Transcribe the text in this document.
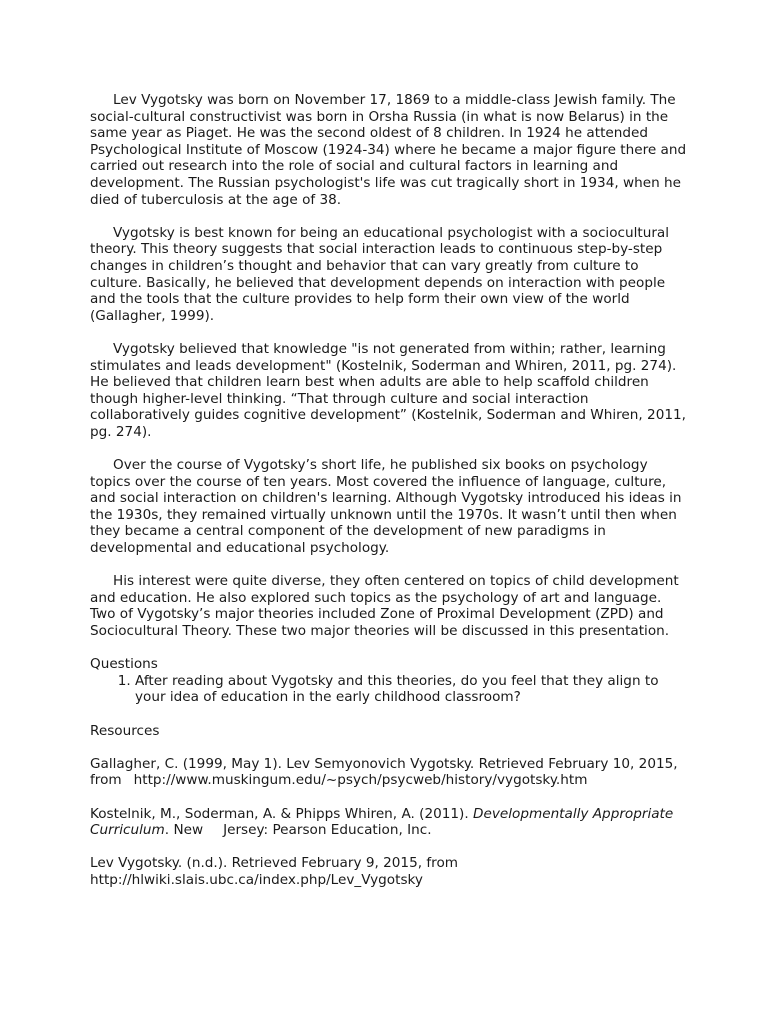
Lev Vygotsky was born on November 17, 1869 to a middle-class Jewish family. The social-cultural constructivist was born in Orsha Russia (in what is now Belarus) in the same year as Piaget. He was the second oldest of 8 children. In 1924 he attended Psychological Institute of Moscow (1924-34) where he became a major figure there and carried out research into the role of social and cultural factors in learning and development. The Russian psychologist's life was cut tragically short in 1934, when he died of tuberculosis at the age of 38.

Vygotsky is best known for being an educational psychologist with a sociocultural theory. This theory suggests that social interaction leads to continuous step-by-step changes in children’s thought and behavior that can vary greatly from culture to culture. Basically, he believed that development depends on interaction with people and the tools that the culture provides to help form their own view of the world (Gallagher, 1999).

Vygotsky believed that knowledge "is not generated from within; rather, learning stimulates and leads development" (Kostelnik, Soderman and Whiren, 2011, pg. 274). He believed that children learn best when adults are able to help scaffold children though higher-level thinking. “That through culture and social interaction collaboratively guides cognitive development” (Kostelnik, Soderman and Whiren, 2011, pg. 274).

Over the course of Vygotsky’s short life, he published six books on psychology topics over the course of ten years. Most covered the influence of language, culture, and social interaction on children's learning. Although Vygotsky introduced his ideas in the 1930s, they remained virtually unknown until the 1970s. It wasn’t until then when they became a central component of the development of new paradigms in developmental and educational psychology.

His interest were quite diverse, they often centered on topics of child development and education. He also explored such topics as the psychology of art and language. Two of Vygotsky’s major theories included Zone of Proximal Development (ZPD) and Sociocultural Theory. These two major theories will be discussed in this presentation.

Questions

1. After reading about Vygotsky and this theories, do you feel that they align to your idea of education in the early childhood classroom?

Resources

Gallagher, C. (1999, May 1). Lev Semyonovich Vygotsky. Retrieved February 10, 2015, from http://www.muskingum.edu/~psych/psycweb/history/vygotsky.htm

Kostelnik, M., Soderman, A. & Phipps Whiren, A. (2011). Developmentally Appropriate Curriculum. New Jersey: Pearson Education, Inc.

Lev Vygotsky. (n.d.). Retrieved February 9, 2015, from
http://hlwiki.slais.ubc.ca/index.php/Lev_Vygotsky
